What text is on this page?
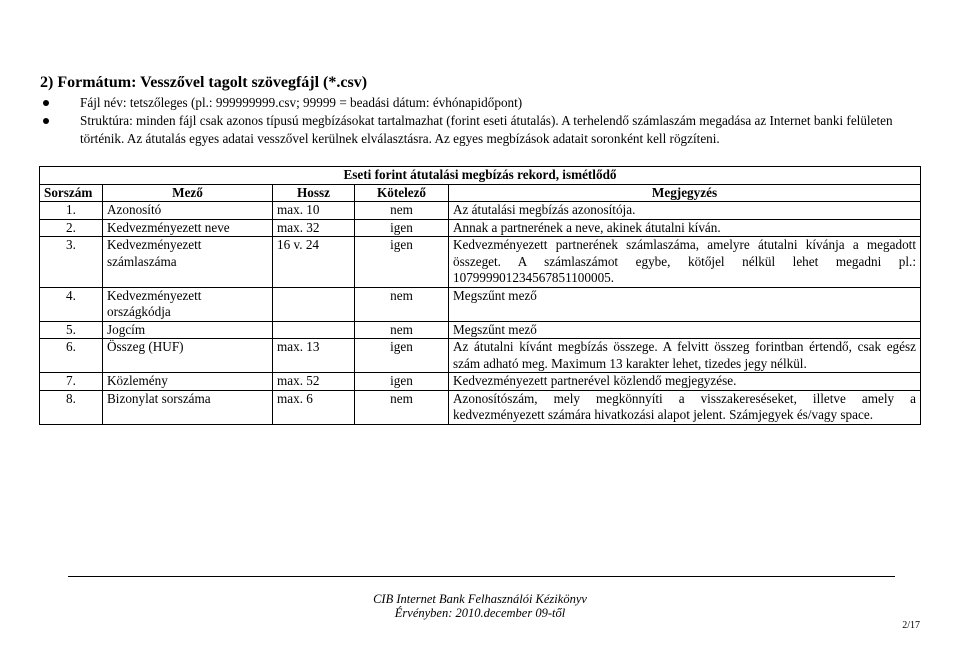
2) Formátum: Vesszővel tagolt szövegfájl (*.csv)
Fájl név: tetszőleges (pl.: 999999999.csv; 99999 = beadási dátum: évhónapidőpont)
Struktúra: minden fájl csak azonos típusú megbízásokat tartalmazhat (forint eseti átutalás). A terhelendő számlaszám megadása az Internet banki felületen történik. Az átutalás egyes adatai vesszővel kerülnek elválasztásra. Az egyes megbízások adatait soronként kell rögzíteni.
Eseti forint átutalási megbízás rekord, ismétlődő				
Sorszám	Mező	Hossz	Kötelező	Megjegyzés
1.	Azonosító	max. 10	nem	Az átutalási megbízás azonosítója.
2.	Kedvezményezett neve	max. 32	igen	Annak a partnerének a neve, akinek átutalni kíván.
3.	Kedvezményezett számlaszáma	16 v. 24	igen	Kedvezményezett partnerének számlaszáma, amelyre átutalni kívánja a megadott összeget. A számlaszámot egybe, kötőjel nélkül lehet megadni pl.: 107999901234567851100005.
4.	Kedvezményezett országkódja		nem	Megszűnt mező
5.	Jogcím		nem	Megszűnt mező
6.	Összeg (HUF)	max. 13	igen	Az átutalni kívánt megbízás összege. A felvitt összeg forintban értendő, csak egész szám adható meg. Maximum 13 karakter lehet, tizedes jegy nélkül.
7.	Közlemény	max. 52	igen	Kedvezményezett partnerével közlendő megjegyzése.
8.	Bizonylat sorszáma	max. 6	nem	Azonosítószám, mely megkönnyíti a visszakereséseket, illetve amely a kedvezményezett számára hivatkozási alapot jelent. Számjegyek és/vagy space.
CIB Internet Bank Felhasználói Kézikönyv
Érvényben: 2010.december 09-től
2/17
